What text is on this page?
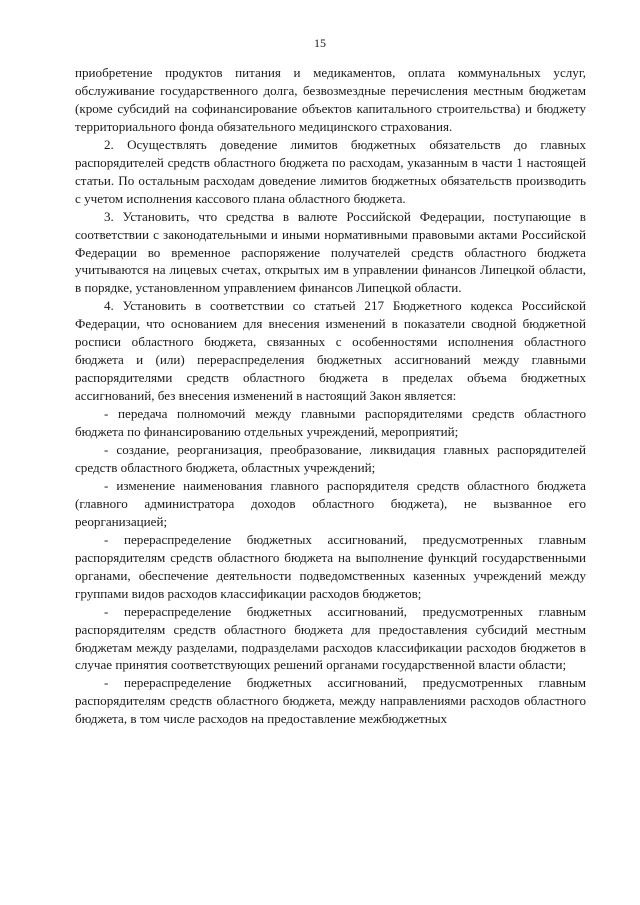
15

приобретение продуктов питания и медикаментов, оплата коммунальных услуг, обслуживание государственного долга, безвозмездные перечисления местным бюджетам (кроме субсидий на софинансирование объектов капитального строительства) и бюджету территориального фонда обязательного медицинского страхования.

2. Осуществлять доведение лимитов бюджетных обязательств до главных распорядителей средств областного бюджета по расходам, указанным в части 1 настоящей статьи. По остальным расходам доведение лимитов бюджетных обязательств производить с учетом исполнения кассового плана областного бюджета.

3. Установить, что средства в валюте Российской Федерации, поступающие в соответствии с законодательными и иными нормативными правовыми актами Российской Федерации во временное распоряжение получателей средств областного бюджета учитываются на лицевых счетах, открытых им в управлении финансов Липецкой области, в порядке, установленном управлением финансов Липецкой области.

4. Установить в соответствии со статьей 217 Бюджетного кодекса Российской Федерации, что основанием для внесения изменений в показатели сводной бюджетной росписи областного бюджета, связанных с особенностями исполнения областного бюджета и (или) перераспределения бюджетных ассигнований между главными распорядителями средств областного бюджета в пределах объема бюджетных ассигнований, без внесения изменений в настоящий Закон является:

- передача полномочий между главными распорядителями средств областного бюджета по финансированию отдельных учреждений, мероприятий;

- создание, реорганизация, преобразование, ликвидация главных распорядителей средств областного бюджета, областных учреждений;

- изменение наименования главного распорядителя средств областного бюджета (главного администратора доходов областного бюджета), не вызванное его реорганизацией;

- перераспределение бюджетных ассигнований, предусмотренных главным распорядителям средств областного бюджета на выполнение функций государственными органами, обеспечение деятельности подведомственных казенных учреждений между группами видов расходов классификации расходов бюджетов;

- перераспределение бюджетных ассигнований, предусмотренных главным распорядителям средств областного бюджета для предоставления субсидий местным бюджетам между разделами, подразделами расходов классификации расходов бюджетов в случае принятия соответствующих решений органами государственной власти области;

- перераспределение бюджетных ассигнований, предусмотренных главным распорядителям средств областного бюджета, между направлениями расходов областного бюджета, в том числе расходов на предоставление межбюджетных
